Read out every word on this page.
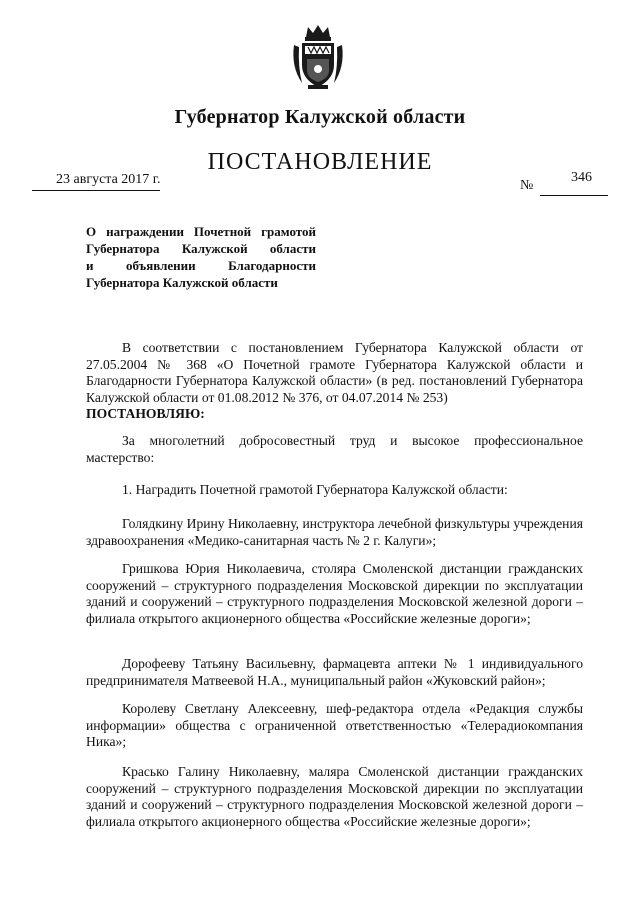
Губернатор Калужской области
ПОСТАНОВЛЕНИЕ
23 августа 2017 г.	№
346
О награждении Почетной грамотой
Губернатора Калужской области
и объявлении Благодарности
Губернатора Калужской области
В соответствии с постановлением Губернатора Калужской области от 27.05.2004 № 368 «О Почетной грамоте Губернатора Калужской области и Благодарности Губернатора Калужской области» (в ред. постановлений Губернатора Калужской области от 01.08.2012 № 376, от 04.07.2014 № 253)
ПОСТАНОВЛЯЮ:
За многолетний добросовестный труд и высокое профессиональное мастерство:
1. Наградить Почетной грамотой Губернатора Калужской области:
Голядкину Ирину Николаевну, инструктора лечебной физкультуры учреждения здравоохранения «Медико-санитарная часть № 2 г. Калуги»;
Гришкова Юрия Николаевича, столяра Смоленской дистанции гражданских сооружений – структурного подразделения Московской дирекции по эксплуатации зданий и сооружений – структурного подразделения Московской железной дороги – филиала открытого акционерного общества «Российские железные дороги»;
Дорофееву Татьяну Васильевну, фармацевта аптеки № 1 индивидуального предпринимателя Матвеевой Н.А., муниципальный район «Жуковский район»;
Королеву Светлану Алексеевну, шеф-редактора отдела «Редакция службы информации» общества с ограниченной ответственностью «Телерадиокомпания Ника»;
Красько Галину Николаевну, маляра Смоленской дистанции гражданских сооружений – структурного подразделения Московской дирекции по эксплуатации зданий и сооружений – структурного подразделения Московской железной дороги – филиала открытого акционерного общества «Российские железные дороги»;
